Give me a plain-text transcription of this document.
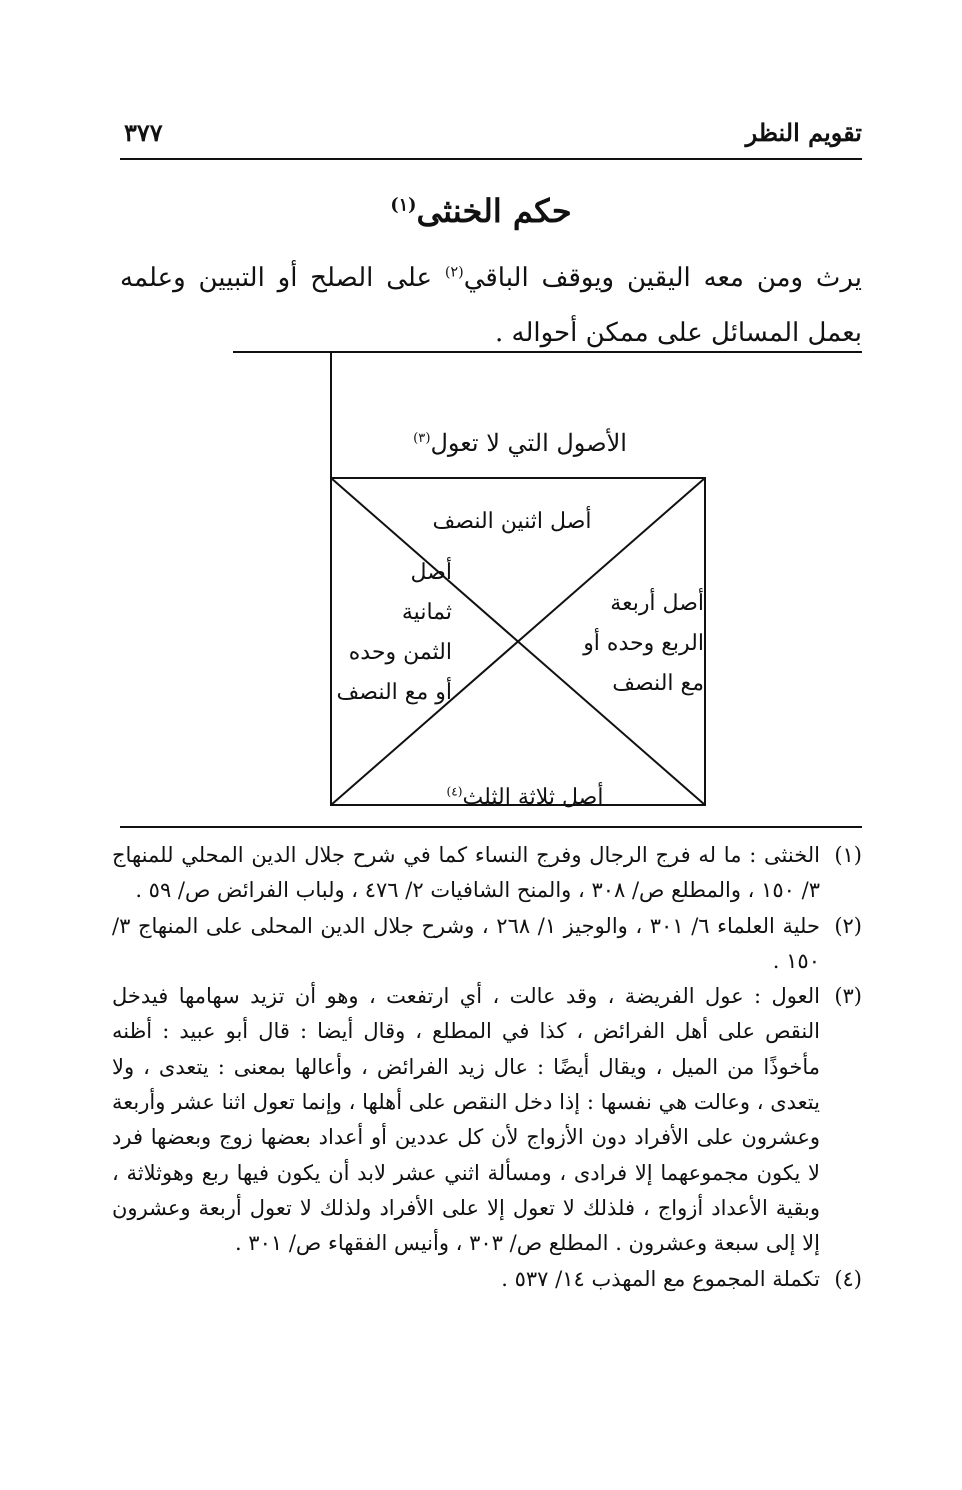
تقويم النظر
٣٧٧
حكم الخنثى$^{(١)}$
يرث ومن معه اليقين ويوقف الباقي$^{(٢)}$ على الصلح أو التبيين وعلمه
بعمل المسائل على ممكن أحواله .
الأصول التي لا تعول$^{(٣)}$
أصل اثنين النصف
أصل
ثمانية
الثمن وحده
أو مع النصف
أصل أربعة
الربع وحده أو
مع النصف
أصل ثلاثة الثلث$^{(٤)}$
(١)
الخنثى : ما له فرج الرجال وفرج النساء كما في شرح جلال الدين المحلي للمنهاج ٣/ ١٥٠ ، والمطلع ص/ ٣٠٨ ، والمنح الشافيات ٢/ ٤٧٦ ، ولباب الفرائض ص/ ٥٩ .
(٢)
حلية العلماء ٦/ ٣٠١ ، والوجيز ١/ ٢٦٨ ، وشرح جلال الدين المحلى على المنهاج ٣/ ١٥٠ .
(٣)
العول : عول الفريضة ، وقد عالت ، أي ارتفعت ، وهو أن تزيد سهامها فيدخل النقص على أهل الفرائض ، كذا في المطلع ، وقال أيضا : قال أبو عبيد : أظنه مأخوذًا من الميل ، ويقال أيضًا : عال زيد الفرائض ، وأعالها بمعنى : يتعدى ، ولا يتعدى ، وعالت هي نفسها : إذا دخل النقص على أهلها ، وإنما تعول اثنا عشر وأربعة وعشرون على الأفراد دون الأزواج لأن كل عددين أو أعداد بعضها زوج وبعضها فرد لا يكون مجموعهما إلا فرادى ، ومسألة اثني عشر لابد أن يكون فيها ربع وهوثلاثة ، وبقية الأعداد أزواج ، فلذلك لا تعول إلا على الأفراد ولذلك لا تعول أربعة وعشرون إلا إلى سبعة وعشرون . المطلع ص/ ٣٠٣ ، وأنيس الفقهاء ص/ ٣٠١ .
(٤)
تكملة المجموع مع المهذب ١٤/ ٥٣٧ .
